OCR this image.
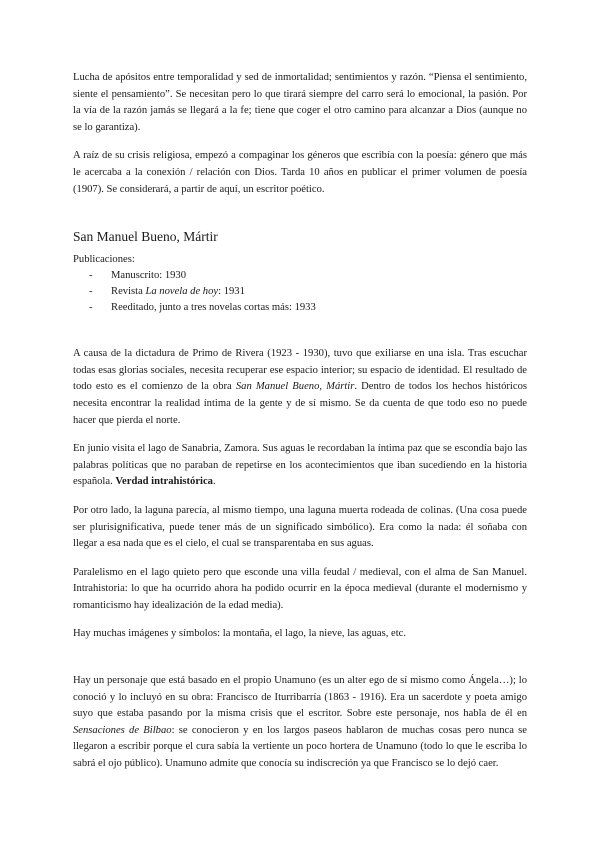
Lucha de apósitos entre temporalidad y sed de inmortalidad; sentimientos y razón. “Piensa el sentimiento, siente el pensamiento”. Se necesitan pero lo que tirará siempre del carro será lo emocional, la pasión. Por la vía de la razón jamás se llegará a la fe; tiene que coger el otro camino para alcanzar a Dios (aunque no se lo garantiza).

A raíz de su crisis religiosa, empezó a compaginar los géneros que escribía con la poesía: género que más le acercaba a la conexión / relación con Dios. Tarda 10 años en publicar el primer volumen de poesía (1907). Se considerará, a partir de aquí, un escritor poético.

San Manuel Bueno, Mártir
Publicaciones:
- Manuscrito: 1930
- Revista La novela de hoy: 1931
- Reeditado, junto a tres novelas cortas más: 1933

A causa de la dictadura de Primo de Rivera (1923 - 1930), tuvo que exiliarse en una isla. Tras escuchar todas esas glorias sociales, necesita recuperar ese espacio interior; su espacio de identidad. El resultado de todo esto es el comienzo de la obra San Manuel Bueno, Mártir. Dentro de todos los hechos históricos necesita encontrar la realidad íntima de la gente y de sí mismo. Se da cuenta de que todo eso no puede hacer que pierda el norte.

En junio visita el lago de Sanabria, Zamora. Sus aguas le recordaban la íntima paz que se escondía bajo las palabras políticas que no paraban de repetirse en los acontecimientos que iban sucediendo en la historia española. Verdad intrahistórica.

Por otro lado, la laguna parecía, al mismo tiempo, una laguna muerta rodeada de colinas. (Una cosa puede ser plurisignificativa, puede tener más de un significado simbólico). Era como la nada: él soñaba con llegar a esa nada que es el cielo, el cual se transparentaba en sus aguas.

Paralelismo en el lago quieto pero que esconde una villa feudal / medieval, con el alma de San Manuel. Intrahistoria: lo que ha ocurrido ahora ha podido ocurrir en la época medieval (durante el modernismo y romanticismo hay idealización de la edad media).

Hay muchas imágenes y símbolos: la montaña, el lago, la nieve, las aguas, etc.

Hay un personaje que está basado en el propio Unamuno (es un alter ego de sí mismo como Ángela…); lo conoció y lo incluyó en su obra: Francisco de Iturribarría (1863 - 1916). Era un sacerdote y poeta amigo suyo que estaba pasando por la misma crisis que el escritor. Sobre este personaje, nos habla de él en Sensaciones de Bilbao: se conocieron y en los largos paseos hablaron de muchas cosas pero nunca se llegaron a escribir porque el cura sabía la vertiente un poco hortera de Unamuno (todo lo que le escriba lo sabrá el ojo público). Unamuno admite que conocía su indiscreción ya que Francisco se lo dejó caer.
